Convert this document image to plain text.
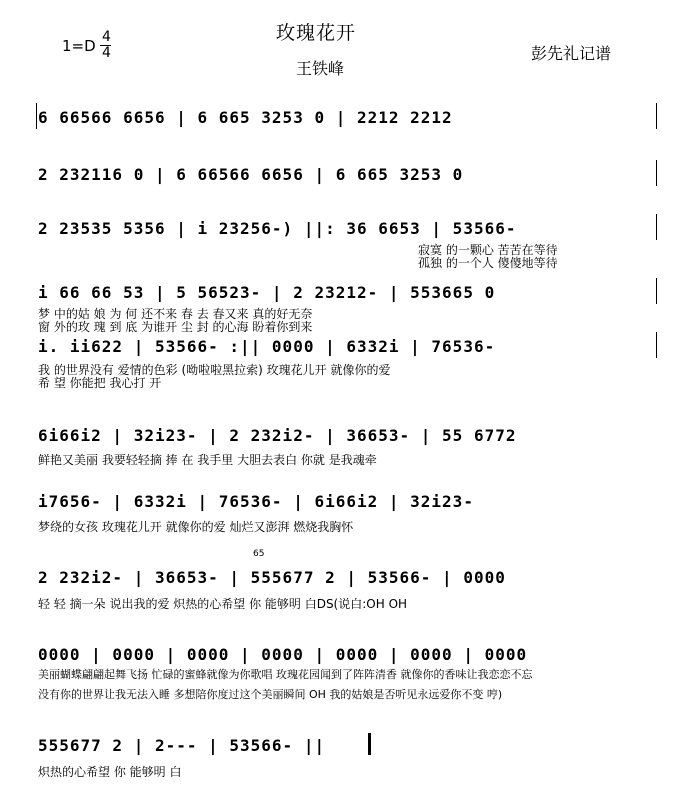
玫瑰花开
王铁峰
彭先礼记谱
1=D 4
4
6 66566 6656 | 6 665 3253 0 | 2212 2212
2 232116 0 | 6 66566 6656 | 6 665 3253 0
2 23535 5356 | i 23256-) ||: 36 6653 | 53566-
寂寞 的一颗心 苦苦在等待
孤独 的一个人 傻傻地等待
i 66 66 53 | 5 56523- | 2 23212- | 553665 0
梦 中的姑 娘 为 何 还不来 春 去 春又来 真的好无奈
窗 外的玫 瑰 到 底 为谁开 尘 封 的心海 盼着你到来
i. ii622 | 53566- :|| 0000 | 6332i | 76536-
我 的世界没有 爱情的色彩 (呦啦啦黑拉索) 玫瑰花儿开 就像你的爱
希 望 你能把 我心打 开
6i66i2 | 32i23- | 2 232i2- | 36653- | 55 6772
鲜艳又美丽 我要轻轻摘 捧 在 我手里 大胆去表白 你就 是我魂牵
i7656- | 6332i | 76536- | 6i66i2 | 32i23-
梦绕的女孩 玫瑰花儿开 就像你的爱 灿烂又澎湃 燃烧我胸怀
65
2 232i2- | 36653- | 555677 2 | 53566- | 0000
轻 轻 摘一朵 说出我的爱 炽热的心希望 你 能够明 白DS(说白:OH OH
0000 | 0000 | 0000 | 0000 | 0000 | 0000 | 0000
美丽蝴蝶翩翩起舞飞扬 忙碌的蜜蜂就像为你歌唱 玫瑰花园闻到了阵阵清香 就像你的香味让我恋恋不忘
没有你的世界让我无法入睡 多想陪你度过这个美丽瞬间 OH 我的姑娘是否听见永远爱你不变 哼)
555677 2 | 2--- | 53566- ||
炽热的心希望 你 能够明 白
